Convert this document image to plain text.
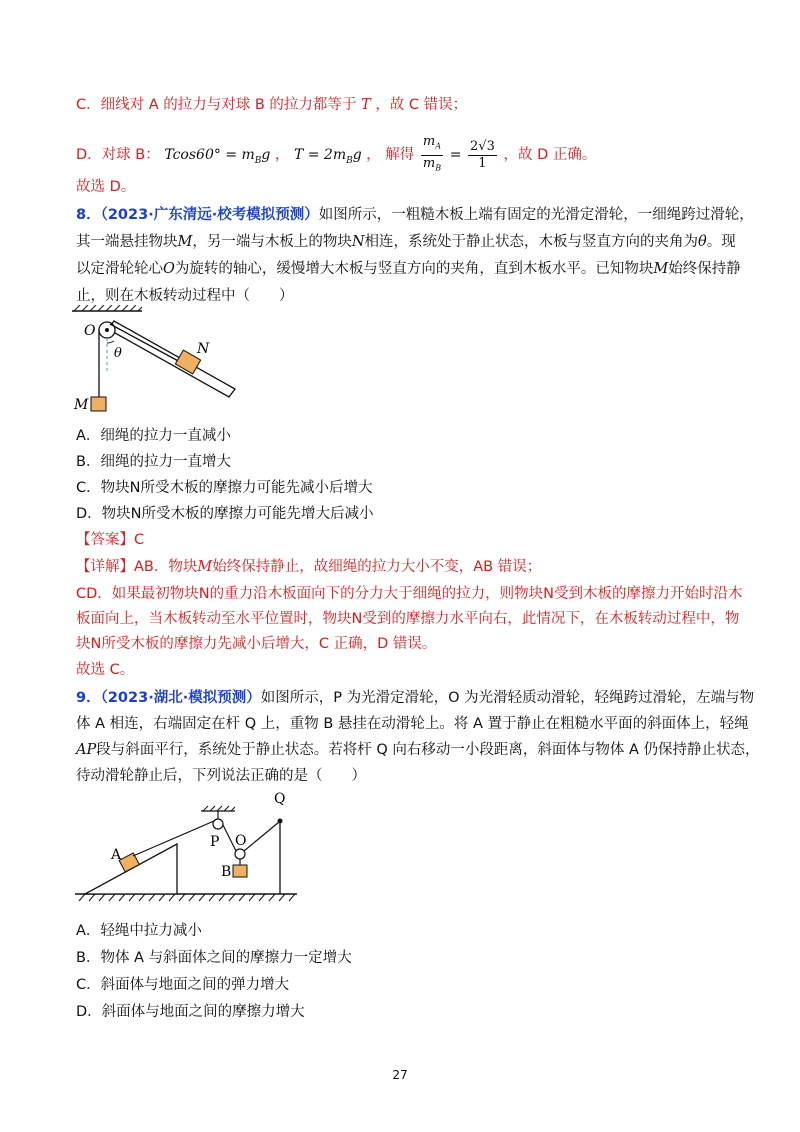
C．细线对 A 的拉力与对球 B 的拉力都等于 T ，故 C 错误；
D．对球 B： $Tcos60^\circ = m_Bg$ ， $T = 2m_Bg$ ， 解得 $\frac{m_A}{m_B} = \frac{2√3}{1}$ ，故 D 正确。
故选 D。
8．（2023·广东清远·校考模拟预测）如图所示，一粗糙木板上端有固定的光滑定滑轮，一细绳跨过滑轮，
其一端悬挂物块M，另一端与木板上的物块N相连，系统处于静止状态，木板与竖直方向的夹角为θ。现
以定滑轮轮心O为旋转的轴心，缓慢增大木板与竖直方向的夹角，直到木板水平。已知物块M始终保持静
止，则在木板转动过程中（　　）
O
θ	N
M
A．细绳的拉力一直减小
B．细绳的拉力一直增大
C．物块N所受木板的摩擦力可能先减小后增大
D．物块N所受木板的摩擦力可能先增大后减小
【答案】C
【详解】AB．物块M始终保持静止，故细绳的拉力大小不变，AB 错误；
CD．如果最初物块N的重力沿木板面向下的分力大于细绳的拉力，则物块N受到木板的摩擦力开始时沿木
板面向上，当木板转动至水平位置时，物块N受到的摩擦力水平向右，此情况下，在木板转动过程中，物
块N所受木板的摩擦力先减小后增大，C 正确，D 错误。
故选 C。
9．（2023·湖北·模拟预测）如图所示，P 为光滑定滑轮，O 为光滑轻质动滑轮，轻绳跨过滑轮，左端与物
体 A 相连，右端固定在杆 Q 上，重物 B 悬挂在动滑轮上。将 A 置于静止在粗糙水平面的斜面体上，轻绳
AP段与斜面平行，系统处于静止状态。若将杆 Q 向右移动一小段距离，斜面体与物体 A 仍保持静止状态，
待动滑轮静止后，下列说法正确的是（　　）
A
P O
B
Q
A．轻绳中拉力减小
B．物体 A 与斜面体之间的摩擦力一定增大
C．斜面体与地面之间的弹力增大
D．斜面体与地面之间的摩擦力增大
27
